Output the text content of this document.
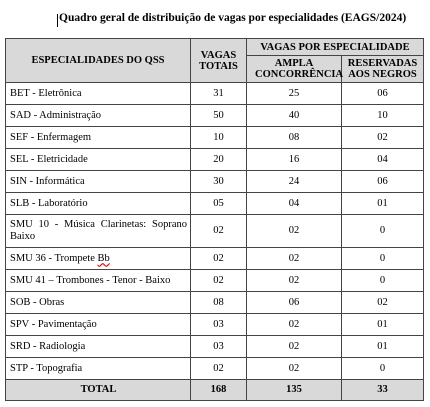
Quadro geral de distribuição de vagas por especialidades (EAGS/2024)
ESPECIALIDADES DO QSS	VAGAS TOTAIS	VAGAS POR ESPECIALIDADE	
		AMPLA CONCORRÊNCIA	RESERVADAS AOS NEGROS
BET - Eletrônica	31	25	06
SAD - Administração	50	40	10
SEF - Enfermagem	10	08	02
SEL - Eletricidade	20	16	04
SIN - Informática	30	24	06
SLB - Laboratório	05	04	01
SMU 10 - Música Clarinetas: Soprano Baixo	02	02	0
SMU 36 - Trompete Bb	02	02	0
SMU 41 – Trombones - Tenor - Baixo	02	02	0
SOB - Obras	08	06	02
SPV - Pavimentação	03	02	01
SRD - Radiologia	03	02	01
STP - Topografia	02	02	0
TOTAL	168	135	33
